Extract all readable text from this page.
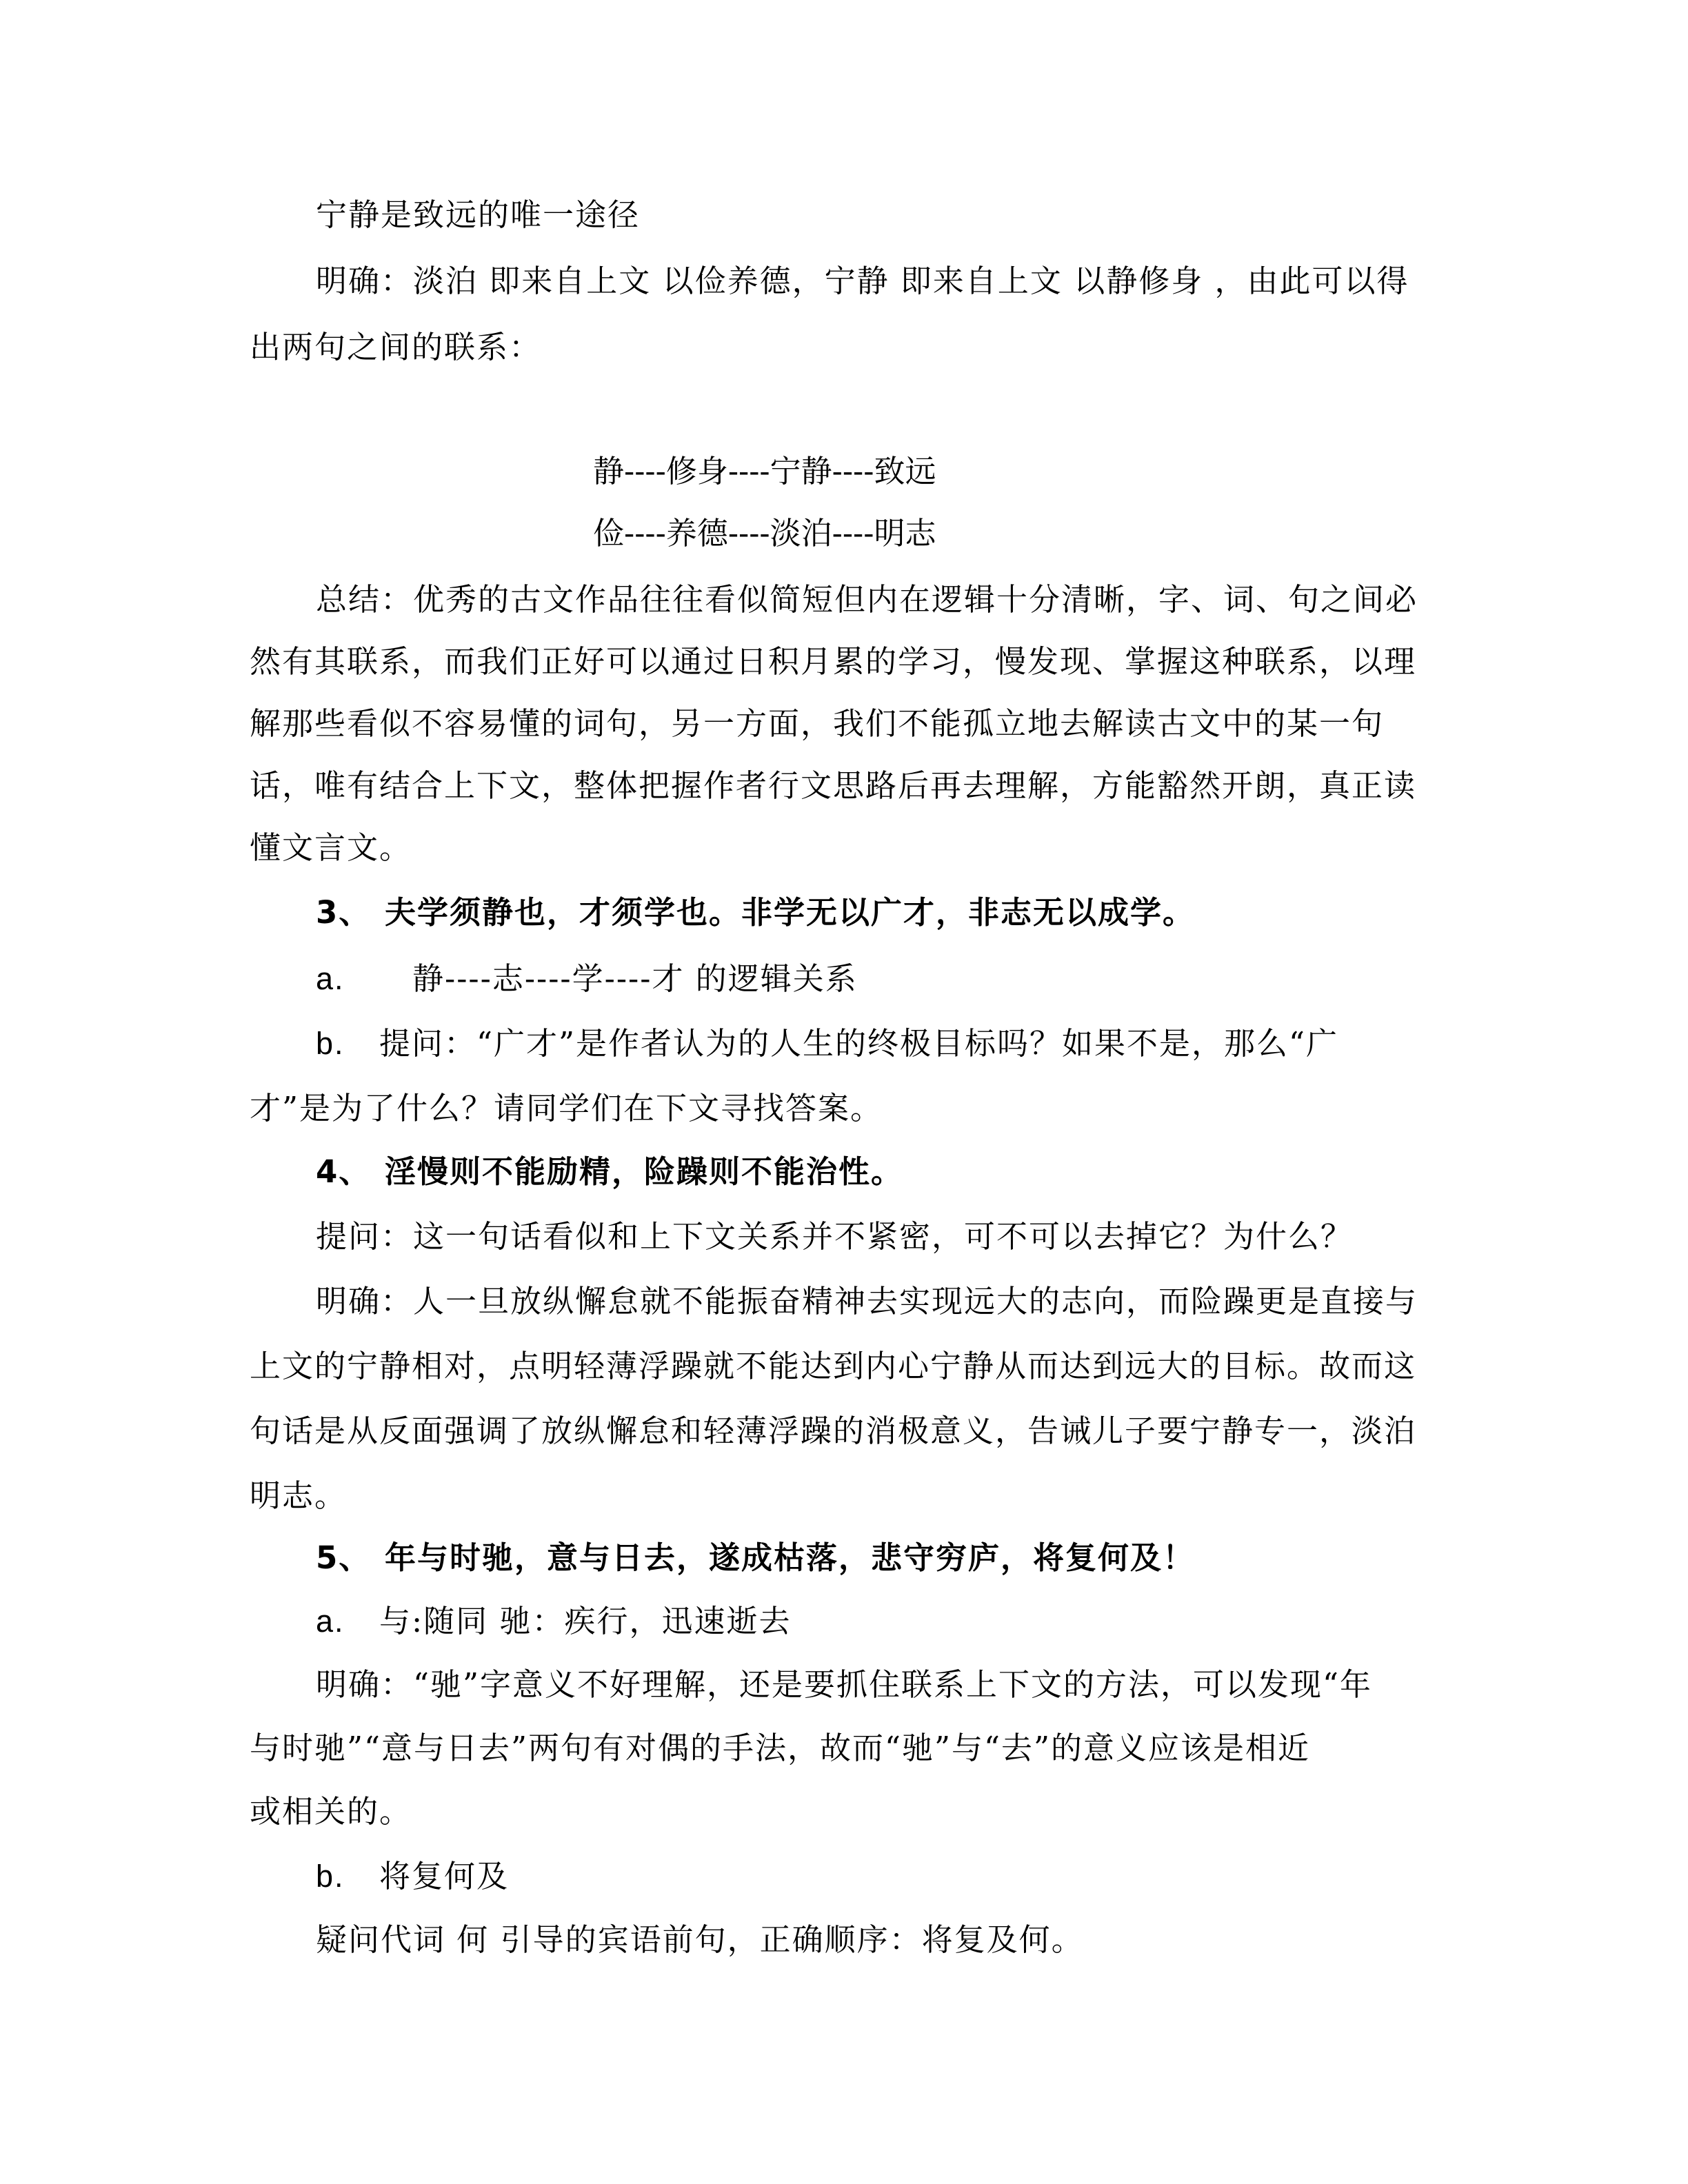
宁静是致远的唯一途径
明确：淡泊 即来自上文 以俭养德，宁静 即来自上文 以静修身 ，由此可以得
出两句之间的联系：
静----修身----宁静----致远
俭----养德----淡泊----明志
总结：优秀的古文作品往往看似简短但内在逻辑十分清晰，字、词、句之间必
然有其联系，而我们正好可以通过日积月累的学习，慢发现、掌握这种联系，以理
解那些看似不容易懂的词句，另一方面，我们不能孤立地去解读古文中的某一句
话，唯有结合上下文，整体把握作者行文思路后再去理解，方能豁然开朗，真正读
懂文言文。
3、 夫学须静也，才须学也。非学无以广才，非志无以成学。
a. 静----志----学----才 的逻辑关系
b. 提问：“广才”是作者认为的人生的终极目标吗？如果不是，那么“广
才”是为了什么？请同学们在下文寻找答案。
4、 淫慢则不能励精，险躁则不能治性。
提问：这一句话看似和上下文关系并不紧密，可不可以去掉它？为什么？
明确：人一旦放纵懈怠就不能振奋精神去实现远大的志向，而险躁更是直接与
上文的宁静相对，点明轻薄浮躁就不能达到内心宁静从而达到远大的目标。故而这
句话是从反面强调了放纵懈怠和轻薄浮躁的消极意义，告诫儿子要宁静专一，淡泊
明志。
5、 年与时驰，意与日去，遂成枯落，悲守穷庐，将复何及！
a. 与:随同 驰：疾行，迅速逝去
明确：“驰”字意义不好理解，还是要抓住联系上下文的方法，可以发现“年
与时驰”“意与日去”两句有对偶的手法，故而“驰”与“去”的意义应该是相近
或相关的。
b. 将复何及
疑问代词 何 引导的宾语前句，正确顺序：将复及何。
